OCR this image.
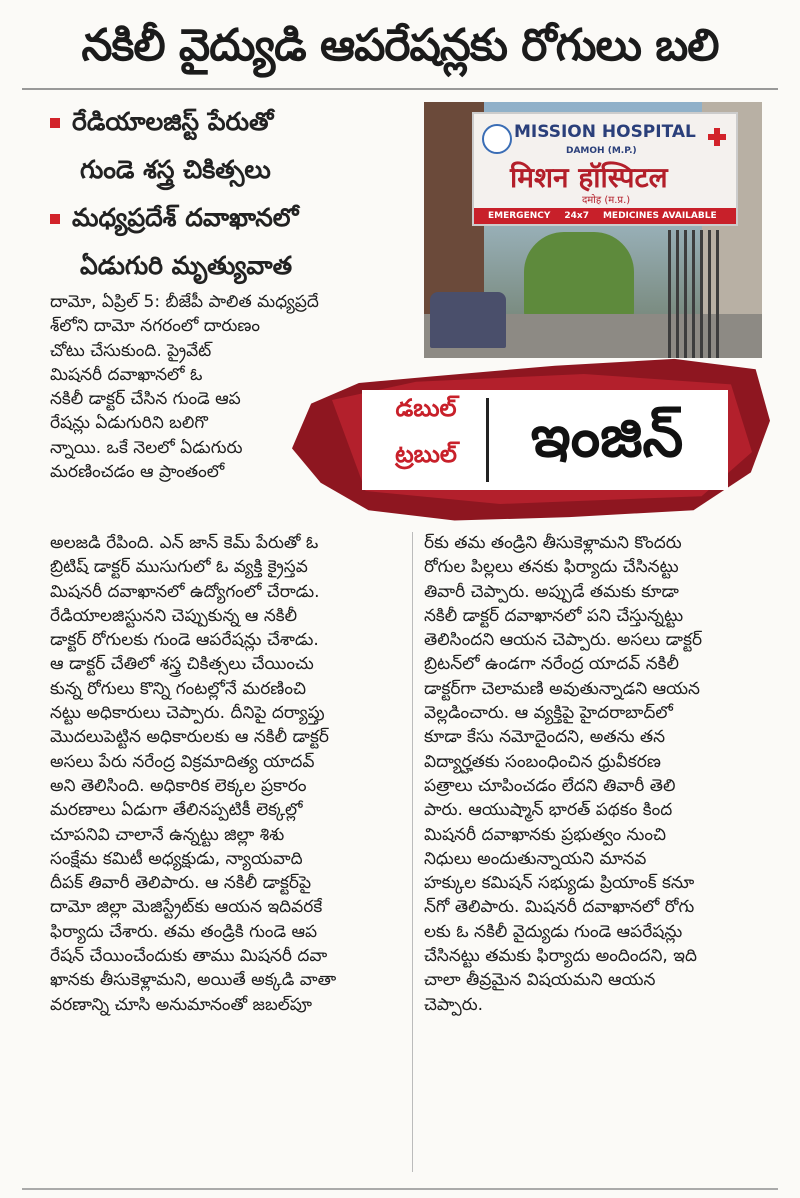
నకిలీ వైద్యుడి ఆపరేషన్లకు రోగులు బలి
రేడియాలజిస్ట్ పేరుతో
గుండె శస్త్ర చికిత్సలు
మధ్యప్రదేశ్ దవాఖానలో
ఏడుగురి మృత్యువాత
MISSION HOSPITAL
DAMOH (M.P.)
मिशन हॉस्पिटल
दमोह (म.प्र.)
EMERGENCY 24x7 MEDICINES AVAILABLE
డబుల్
ట్రబుల్	ఇంజిన్
దామో, ఏప్రిల్ 5: బీజేపీ పాలిత మధ్యప్రదే
శ్‌లోని దామో నగరంలో దారుణం
చోటు చేసుకుంది. ప్రైవేట్
మిషనరీ దవాఖానలో ఓ
నకిలీ డాక్టర్ చేసిన గుండె ఆప
రేషన్లు ఏడుగురిని బలిగొ
న్నాయి. ఒకే నెలలో ఏడుగురు
మరణించడం ఆ ప్రాంతంలో
అలజడి రేపింది. ఎన్ జాన్ కెమ్ పేరుతో ఓ
బ్రిటిష్ డాక్టర్ ముసుగులో ఓ వ్యక్తి క్రైస్తవ
మిషనరీ దవాఖానలో ఉద్యోగంలో చేరాడు.
రేడియాలజిస్టునని చెప్పుకున్న ఆ నకిలీ
డాక్టర్ రోగులకు గుండె ఆపరేషన్లు చేశాడు.
ఆ డాక్టర్ చేతిలో శస్త్ర చికిత్సలు చేయించు
కున్న రోగులు కొన్ని గంటల్లోనే మరణించి
నట్టు అధికారులు చెప్పారు. దీనిపై దర్యాప్తు
మొదలుపెట్టిన అధికారులకు ఆ నకిలీ డాక్టర్
అసలు పేరు నరేంద్ర విక్రమాదిత్య యాదవ్
అని తెలిసింది. అధికారిక లెక్కల ప్రకారం
మరణాలు ఏడుగా తేలినప్పటికీ లెక్కల్లో
చూపనివి చాలానే ఉన్నట్టు జిల్లా శిశు
సంక్షేమ కమిటీ అధ్యక్షుడు, న్యాయవాది
దీపక్ తివారీ తెలిపారు. ఆ నకిలీ డాక్టర్‌పై
దామో జిల్లా మెజిస్ట్రేట్‌కు ఆయన ఇదివరకే
ఫిర్యాదు చేశారు. తమ తండ్రికి గుండె ఆప
రేషన్ చేయించేందుకు తాము మిషనరీ దవా
ఖానకు తీసుకెళ్లామని, అయితే అక్కడి వాతా
వరణాన్ని చూసి అనుమానంతో జబల్‌పూ
ర్‌కు తమ తండ్రిని తీసుకెళ్లామని కొందరు
రోగుల పిల్లలు తనకు ఫిర్యాదు చేసినట్టు
తివారీ చెప్పారు. అప్పుడే తమకు కూడా
నకిలీ డాక్టర్ దవాఖానలో పని చేస్తున్నట్టు
తెలిసిందని ఆయన చెప్పారు. అసలు డాక్టర్
బ్రిటన్‌లో ఉండగా నరేంద్ర యాదవ్ నకిలీ
డాక్టర్‌గా చెలామణి అవుతున్నాడని ఆయన
వెల్లడించారు. ఆ వ్యక్తిపై హైదరాబాద్‌లో
కూడా కేసు నమోదైందని, అతను తన
విద్యార్హతకు సంబంధించిన ధ్రువీకరణ
పత్రాలు చూపించడం లేదని తివారీ తెలి
పారు. ఆయుష్మాన్ భారత్ పథకం కింద
మిషనరీ దవాఖానకు ప్రభుత్వం నుంచి
నిధులు అందుతున్నాయని మానవ
హక్కుల కమిషన్ సభ్యుడు ప్రియాంక్ కనూ
న్‌గో తెలిపారు. మిషనరీ దవాఖానలో రోగు
లకు ఓ నకిలీ వైద్యుడు గుండె ఆపరేషన్లు
చేసినట్టు తమకు ఫిర్యాదు అందిందని, ఇది
చాలా తీవ్రమైన విషయమని ఆయన
చెప్పారు.
